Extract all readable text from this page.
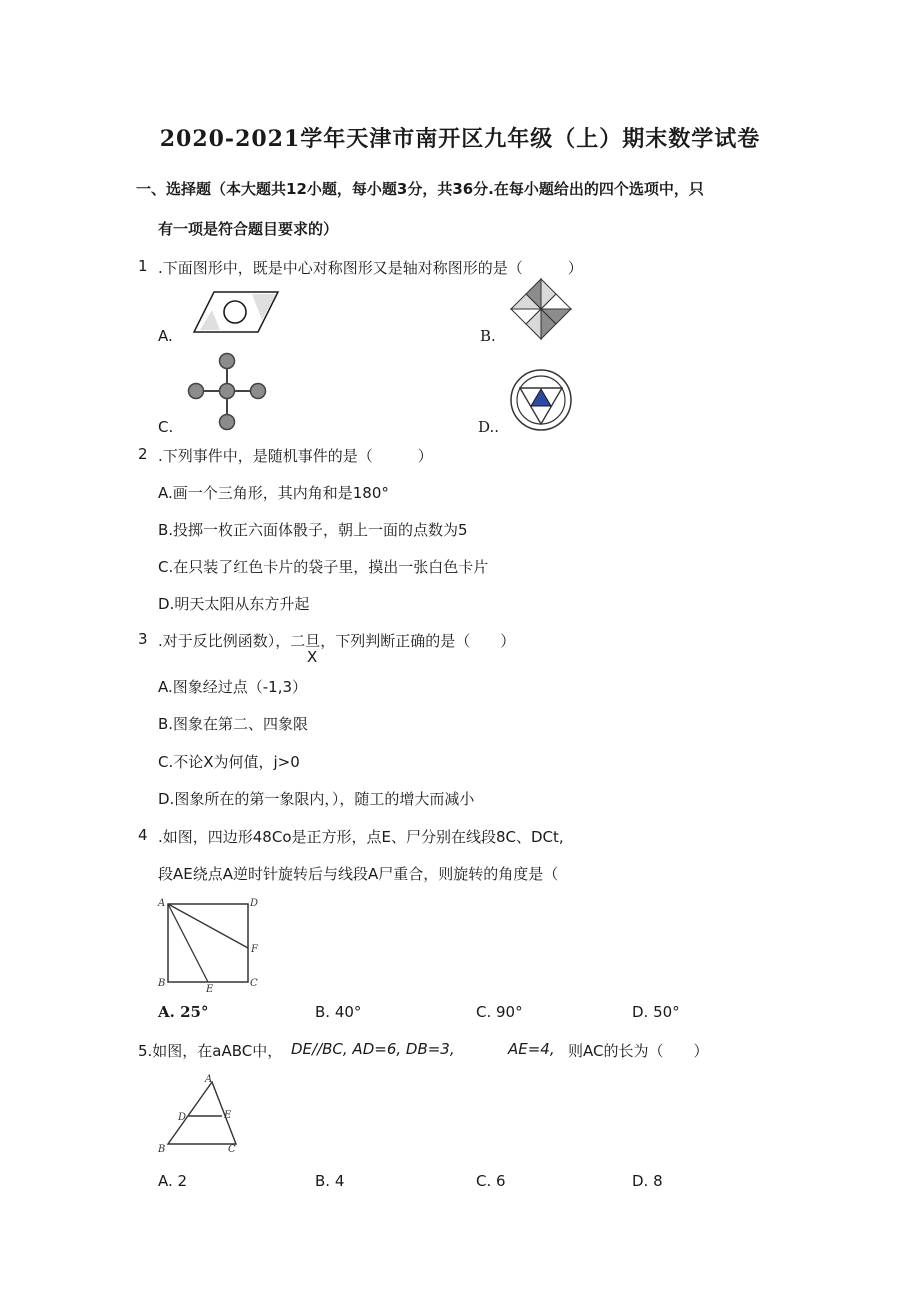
2020-2021学年天津市南开区九年级（上）期末数学试卷
一、选择题（本大题共12小题，每小题3分，共36分.在每小题给出的四个选项中，只
有一项是符合题目要求的）
1 .下面图形中，既是中心对称图形又是轴对称图形的是（　　　）
A.	B.
C.	D..
2 .下列事件中，是随机事件的是（　　　）
A.画一个三角形，其内角和是180°
B.投掷一枚正六面体骰子，朝上一面的点数为5
C.在只装了红色卡片的袋子里，摸出一张白色卡片
D.明天太阳从东方升起
3 .对于反比例函数），二旦，下列判断正确的是（　　）
X
A.图象经过点（-1,3）
B.图象在第二、四象限
C.不论X为何值，j>0
D.图象所在的第一象限内，），随工的增大而减小
4 .如图，四边形48Co是正方形，点E、尸分别在线段8C、DCt,
段AE绕点A逆时针旋转后与线段A尸重合，则旋转的角度是（
A	D
F
B
E
C
A. 25°	B. 40°	C. 90°	D. 50°
5.如图，在aABC中， DE//BC, AD=6, DB=3,	AE=4, 则AC的长为（　　）
A
D	E
B	C
A. 2	B. 4	C. 6	D. 8
